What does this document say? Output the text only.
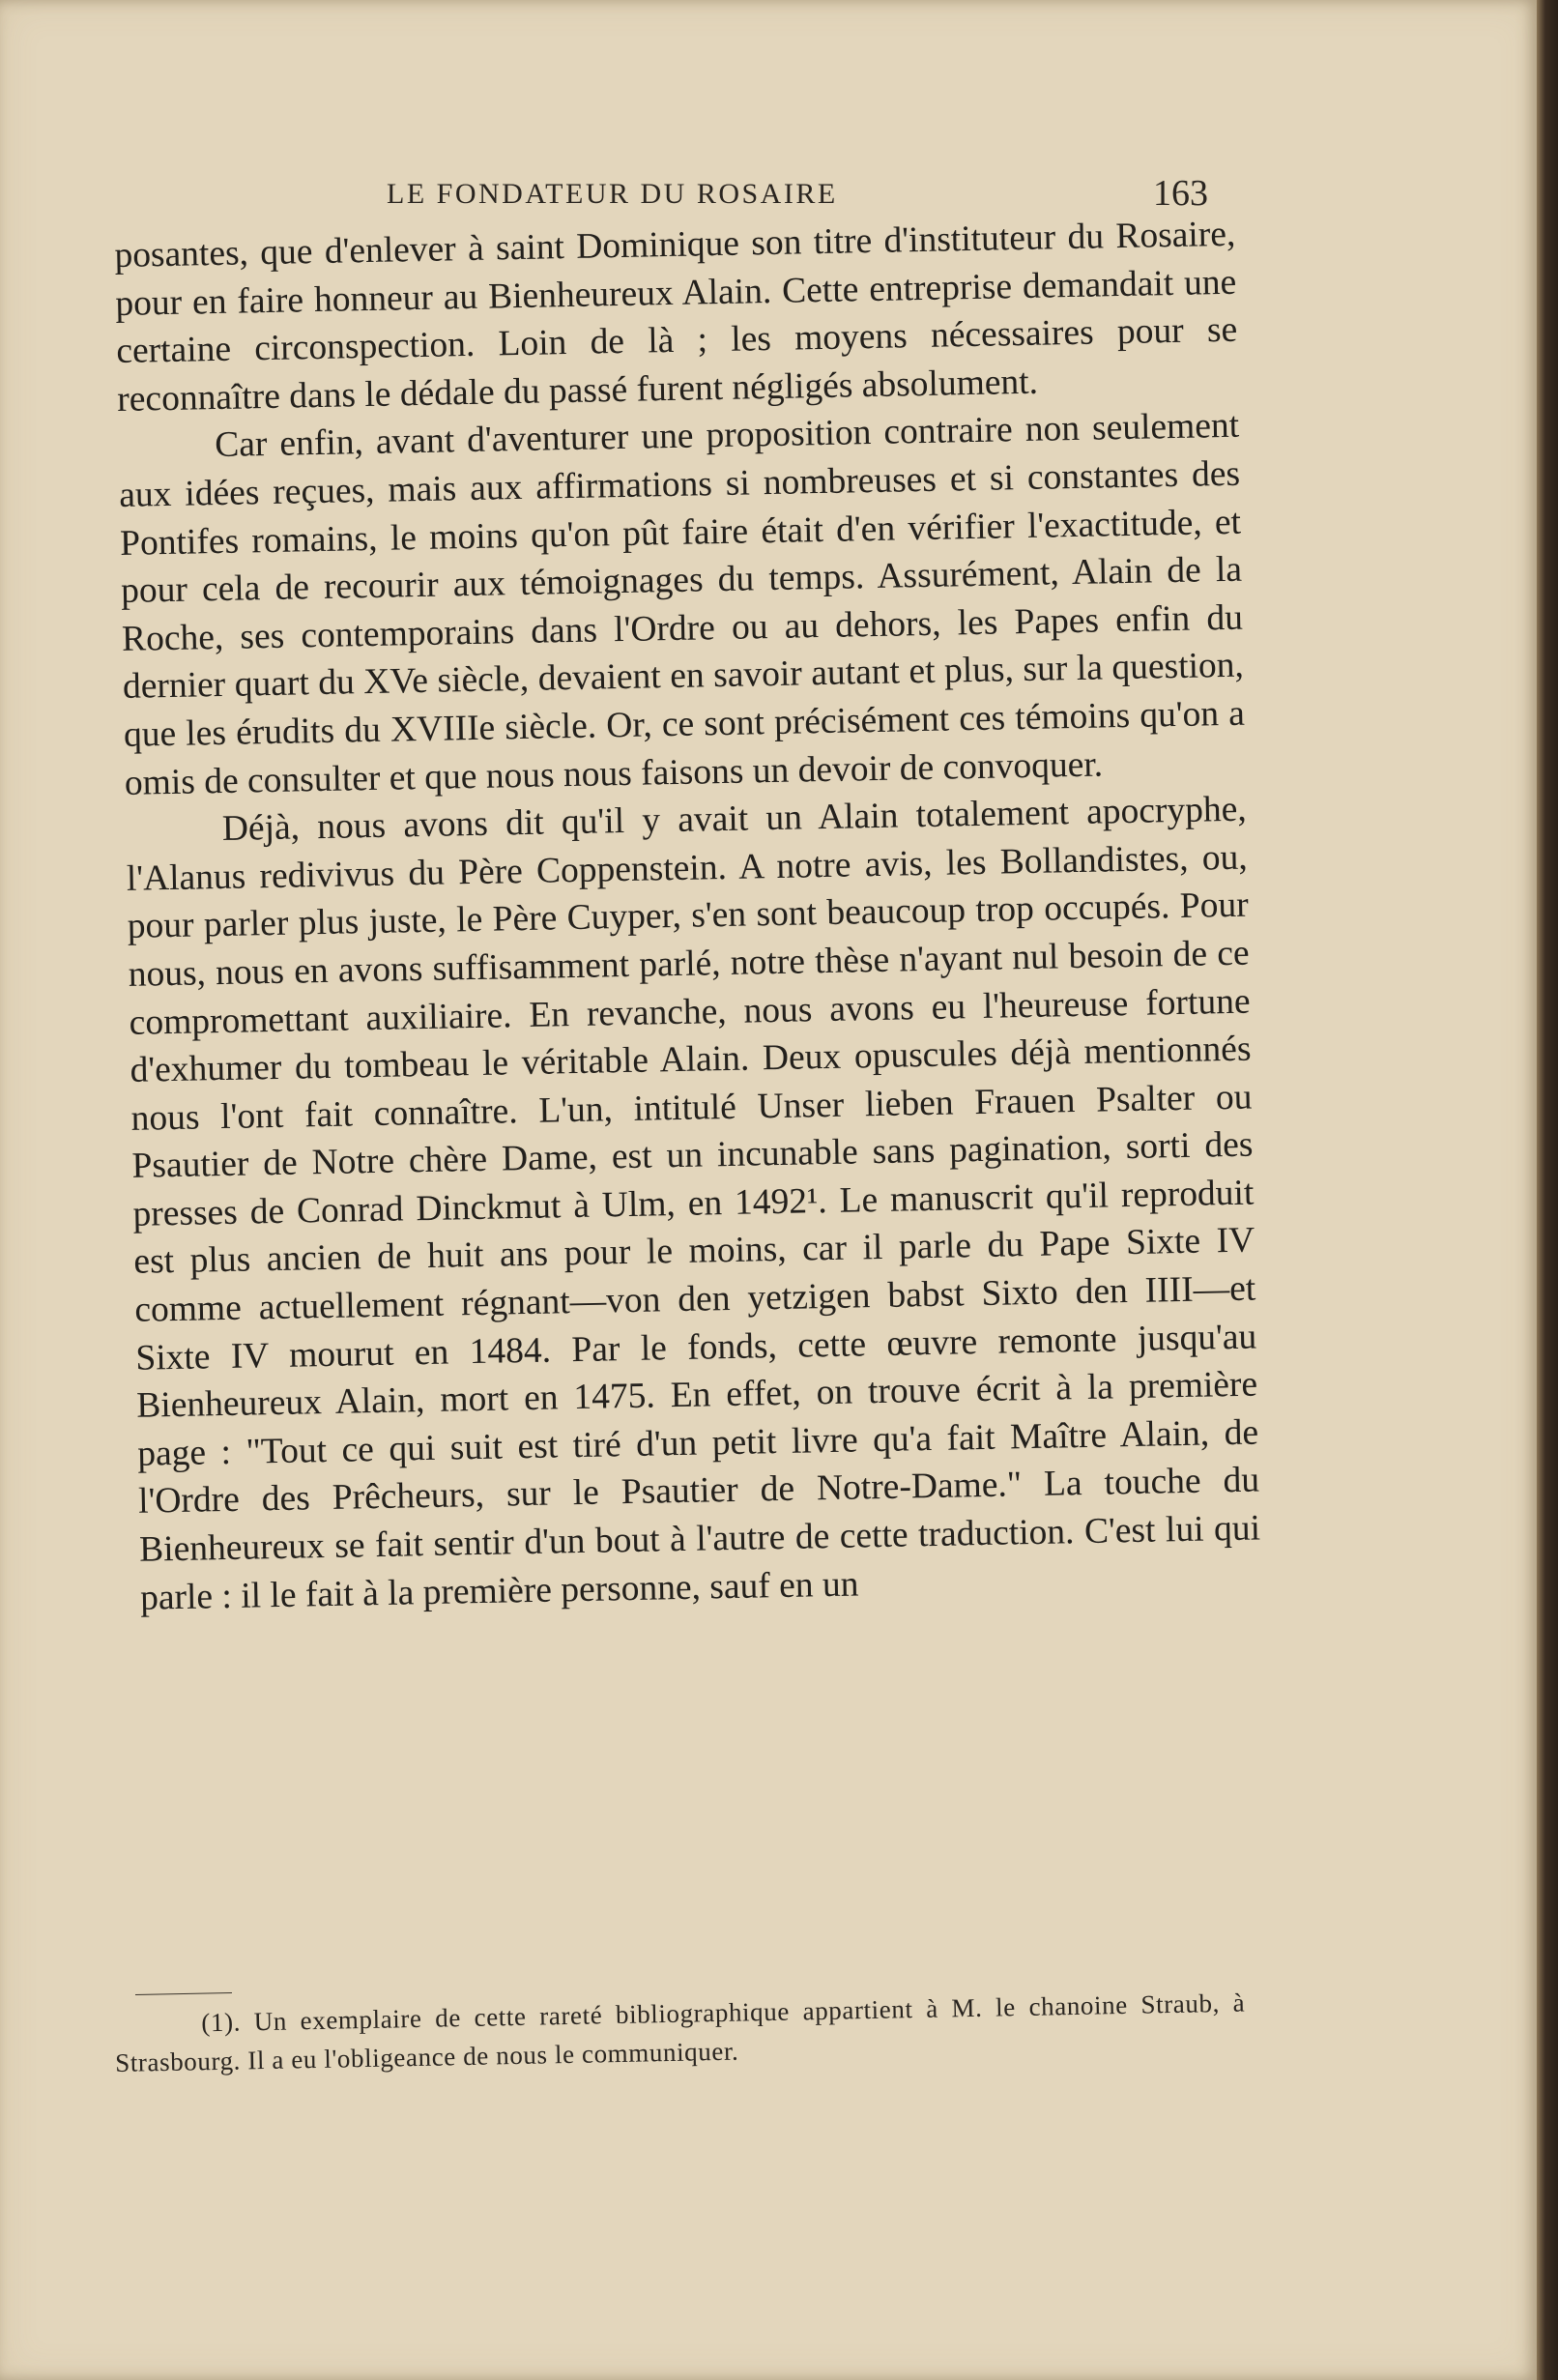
LE FONDATEUR DU ROSAIRE	163

posantes, que d'enlever à saint Dominique son titre d'instituteur du Rosaire, pour en faire honneur au Bienheureux Alain. Cette entreprise demandait une certaine circonspection. Loin de là ; les moyens nécessaires pour se reconnaître dans le dédale du passé furent négligés absolument.

Car enfin, avant d'aventurer une proposition contraire non seulement aux idées reçues, mais aux affirmations si nombreuses et si constantes des Pontifes romains, le moins qu'on pût faire était d'en vérifier l'exactitude, et pour cela de recourir aux témoignages du temps. Assurément, Alain de la Roche, ses contemporains dans l'Ordre ou au dehors, les Papes enfin du dernier quart du XVe siècle, devaient en savoir autant et plus, sur la question, que les érudits du XVIIIe siècle. Or, ce sont précisément ces témoins qu'on a omis de consulter et que nous nous faisons un devoir de convoquer.

Déjà, nous avons dit qu'il y avait un Alain totalement apocryphe, l'Alanus redivivus du Père Coppenstein. A notre avis, les Bollandistes, ou, pour parler plus juste, le Père Cuyper, s'en sont beaucoup trop occupés. Pour nous, nous en avons suffisamment parlé, notre thèse n'ayant nul besoin de ce compromettant auxiliaire. En revanche, nous avons eu l'heureuse fortune d'exhumer du tombeau le véritable Alain. Deux opuscules déjà mentionnés nous l'ont fait connaître. L'un, intitulé Unser lieben Frauen Psalter ou Psautier de Notre chère Dame, est un incunable sans pagination, sorti des presses de Conrad Dinckmut à Ulm, en 1492¹. Le manuscrit qu'il reproduit est plus ancien de huit ans pour le moins, car il parle du Pape Sixte IV comme actuellement régnant—von den yetzigen babst Sixto den IIII—et Sixte IV mourut en 1484. Par le fonds, cette œuvre remonte jusqu'au Bienheureux Alain, mort en 1475. En effet, on trouve écrit à la première page : "Tout ce qui suit est tiré d'un petit livre qu'a fait Maître Alain, de l'Ordre des Prêcheurs, sur le Psautier de Notre-Dame." La touche du Bienheureux se fait sentir d'un bout à l'autre de cette traduction. C'est lui qui parle : il le fait à la première personne, sauf en un

(1). Un exemplaire de cette rareté bibliographique appartient à M. le chanoine Straub, à Strasbourg. Il a eu l'obligeance de nous le communiquer.
